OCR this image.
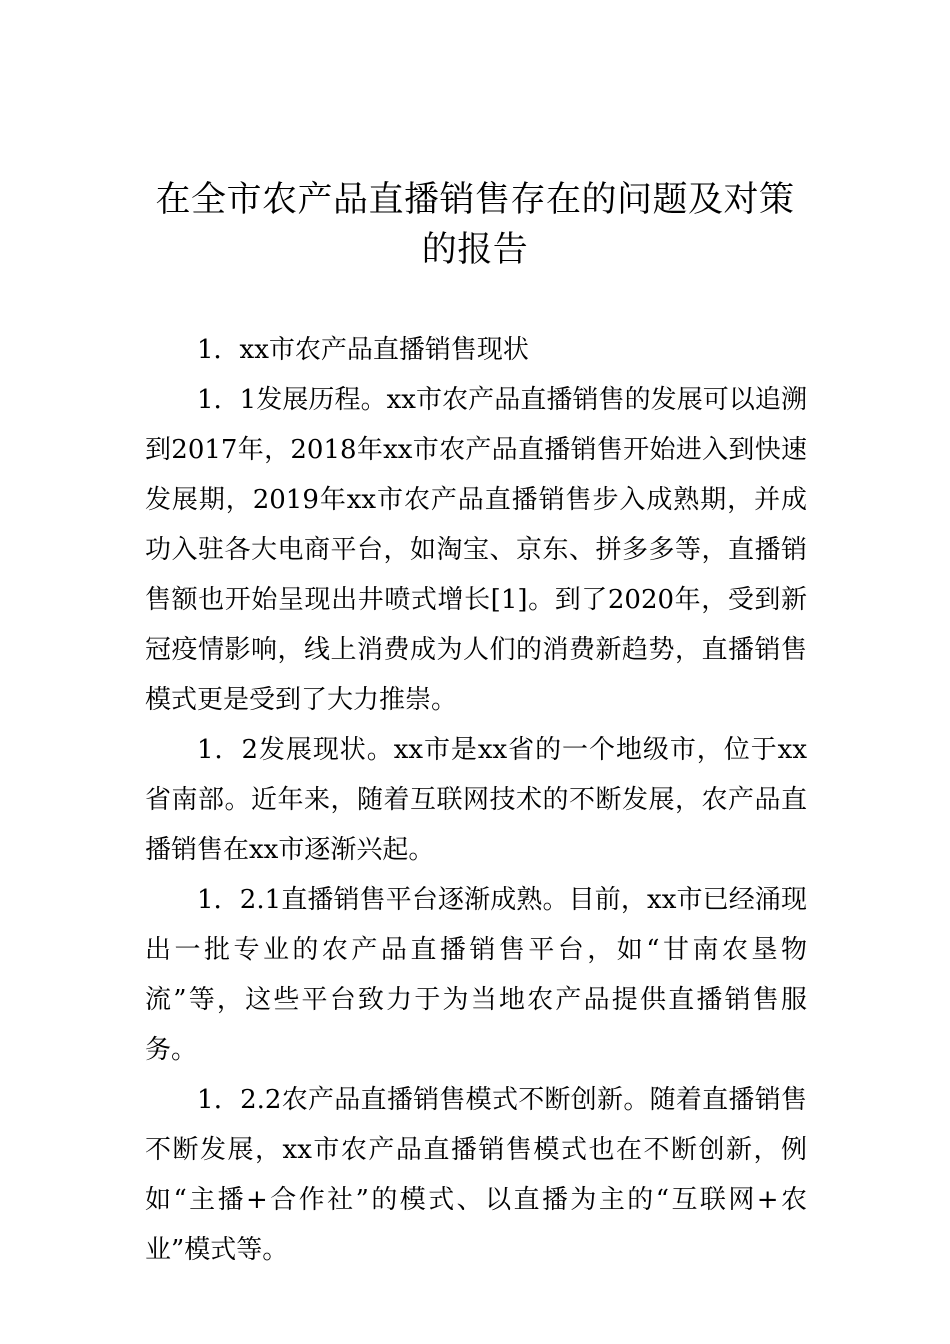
在全市农产品直播销售存在的问题及对策的报告

1．xx市农产品直播销售现状

1．1发展历程。xx市农产品直播销售的发展可以追溯到2017年，2018年xx市农产品直播销售开始进入到快速发展期，2019年xx市农产品直播销售步入成熟期，并成功入驻各大电商平台，如淘宝、京东、拼多多等，直播销售额也开始呈现出井喷式增长[1]。到了2020年，受到新冠疫情影响，线上消费成为人们的消费新趋势，直播销售模式更是受到了大力推崇。

1．2发展现状。xx市是xx省的一个地级市，位于xx省南部。近年来，随着互联网技术的不断发展，农产品直播销售在xx市逐渐兴起。

1．2.1直播销售平台逐渐成熟。目前，xx市已经涌现出一批专业的农产品直播销售平台，如“甘南农垦物流”等，这些平台致力于为当地农产品提供直播销售服务。

1．2.2农产品直播销售模式不断创新。随着直播销售不断发展，xx市农产品直播销售模式也在不断创新，例如“主播+合作社”的模式、以直播为主的“互联网+农业”模式等。
